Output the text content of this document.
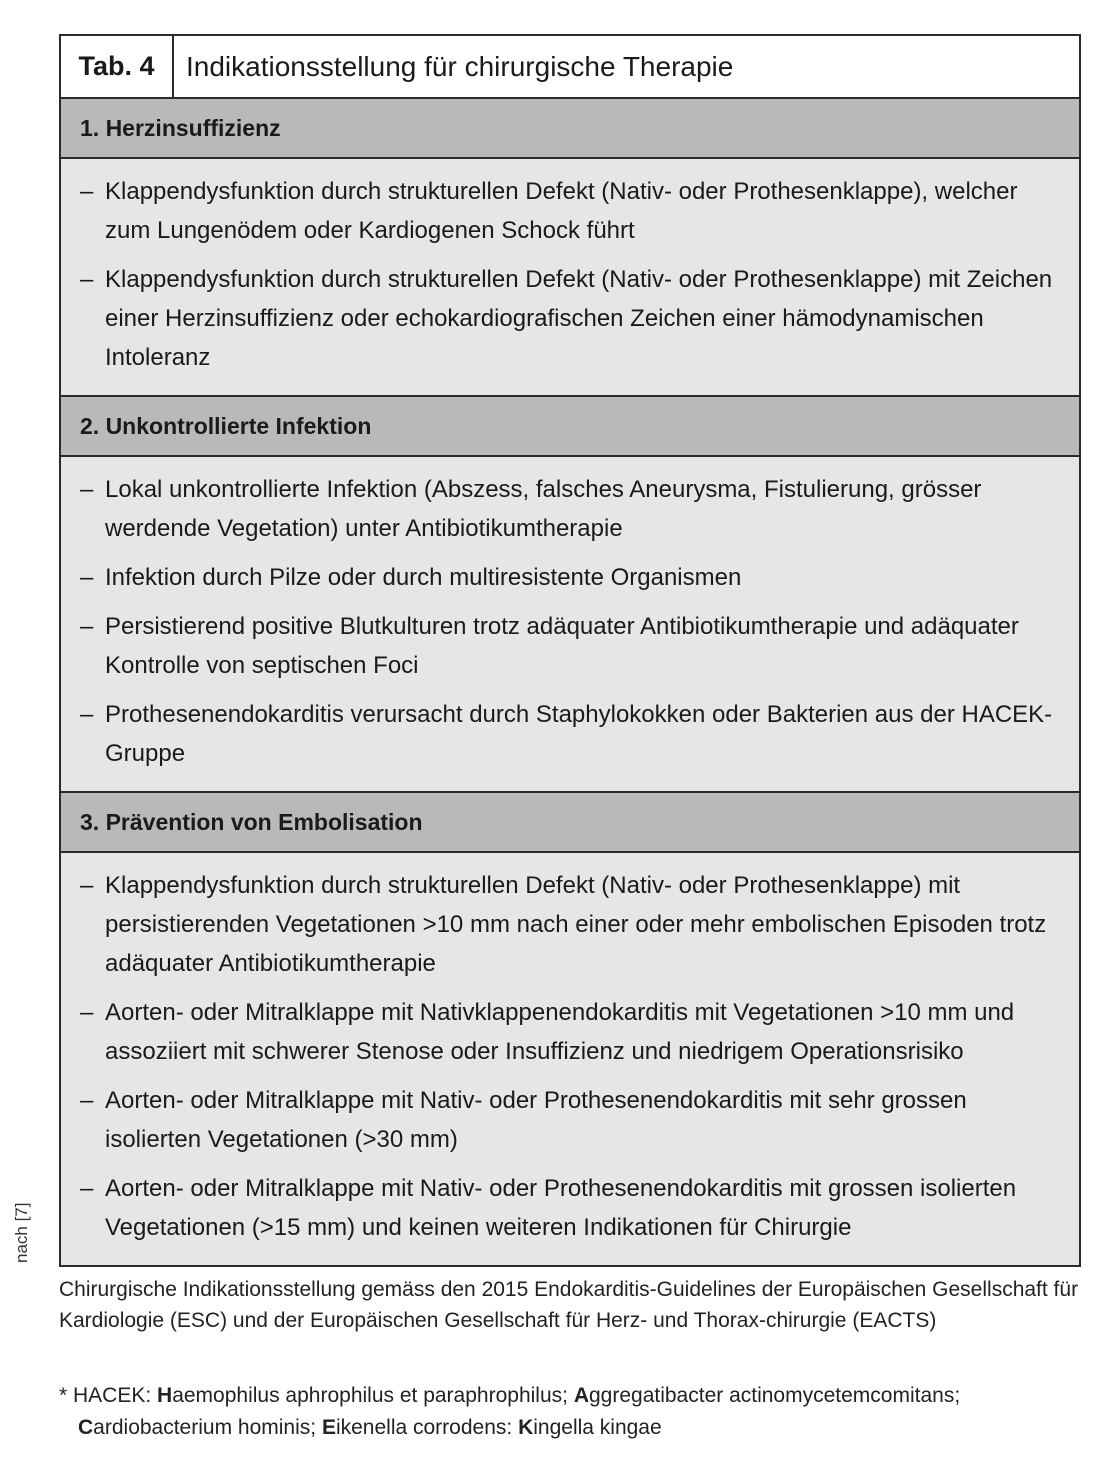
Tab. 4	Indikationsstellung für chirurgische Therapie
1. Herzinsuffizienz
– Klappendysfunktion durch strukturellen Defekt (Nativ- oder Prothesenklappe), welcher zum Lungenödem oder Kardiogenen Schock führt
– Klappendysfunktion durch strukturellen Defekt (Nativ- oder Prothesenklappe) mit Zeichen einer Herzinsuffizienz oder echokardiografischen Zeichen einer hämodynamischen Intoleranz
2. Unkontrollierte Infektion
– Lokal unkontrollierte Infektion (Abszess, falsches Aneurysma, Fistulierung, grösser werdende Vegetation) unter Antibiotikumtherapie
– Infektion durch Pilze oder durch multiresistente Organismen
– Persistierend positive Blutkulturen trotz adäquater Antibiotikumtherapie und adäquater Kontrolle von septischen Foci
– Prothesenendokarditis verursacht durch Staphylokokken oder Bakterien aus der HACEK-Gruppe
3. Prävention von Embolisation
– Klappendysfunktion durch strukturellen Defekt (Nativ- oder Prothesenklappe) mit persistierenden Vegetationen >10 mm nach einer oder mehr embolischen Episoden trotz adäquater Antibiotikumtherapie
– Aorten- oder Mitralklappe mit Nativklappenendokarditis mit Vegetationen >10 mm und assoziiert mit schwerer Stenose oder Insuffizienz und niedrigem Operationsrisiko
– Aorten- oder Mitralklappe mit Nativ- oder Prothesenendokarditis mit sehr grossen isolierten Vegetationen (>30 mm)
– Aorten- oder Mitralklappe mit Nativ- oder Prothesenendokarditis mit grossen isolierten Vegetationen (>15 mm) und keinen weiteren Indikationen für Chirurgie
nach [7]
Chirurgische Indikationsstellung gemäss den 2015 Endokarditis-Guidelines der Europäischen Gesellschaft für Kardiologie (ESC) und der Europäischen Gesellschaft für Herz- und Thorax-chirurgie (EACTS)
* HACEK: Haemophilus aphrophilus et paraphrophilus; Aggregatibacter actinomycetemcomitans;
Cardiobacterium hominis; Eikenella corrodens: Kingella kingae
